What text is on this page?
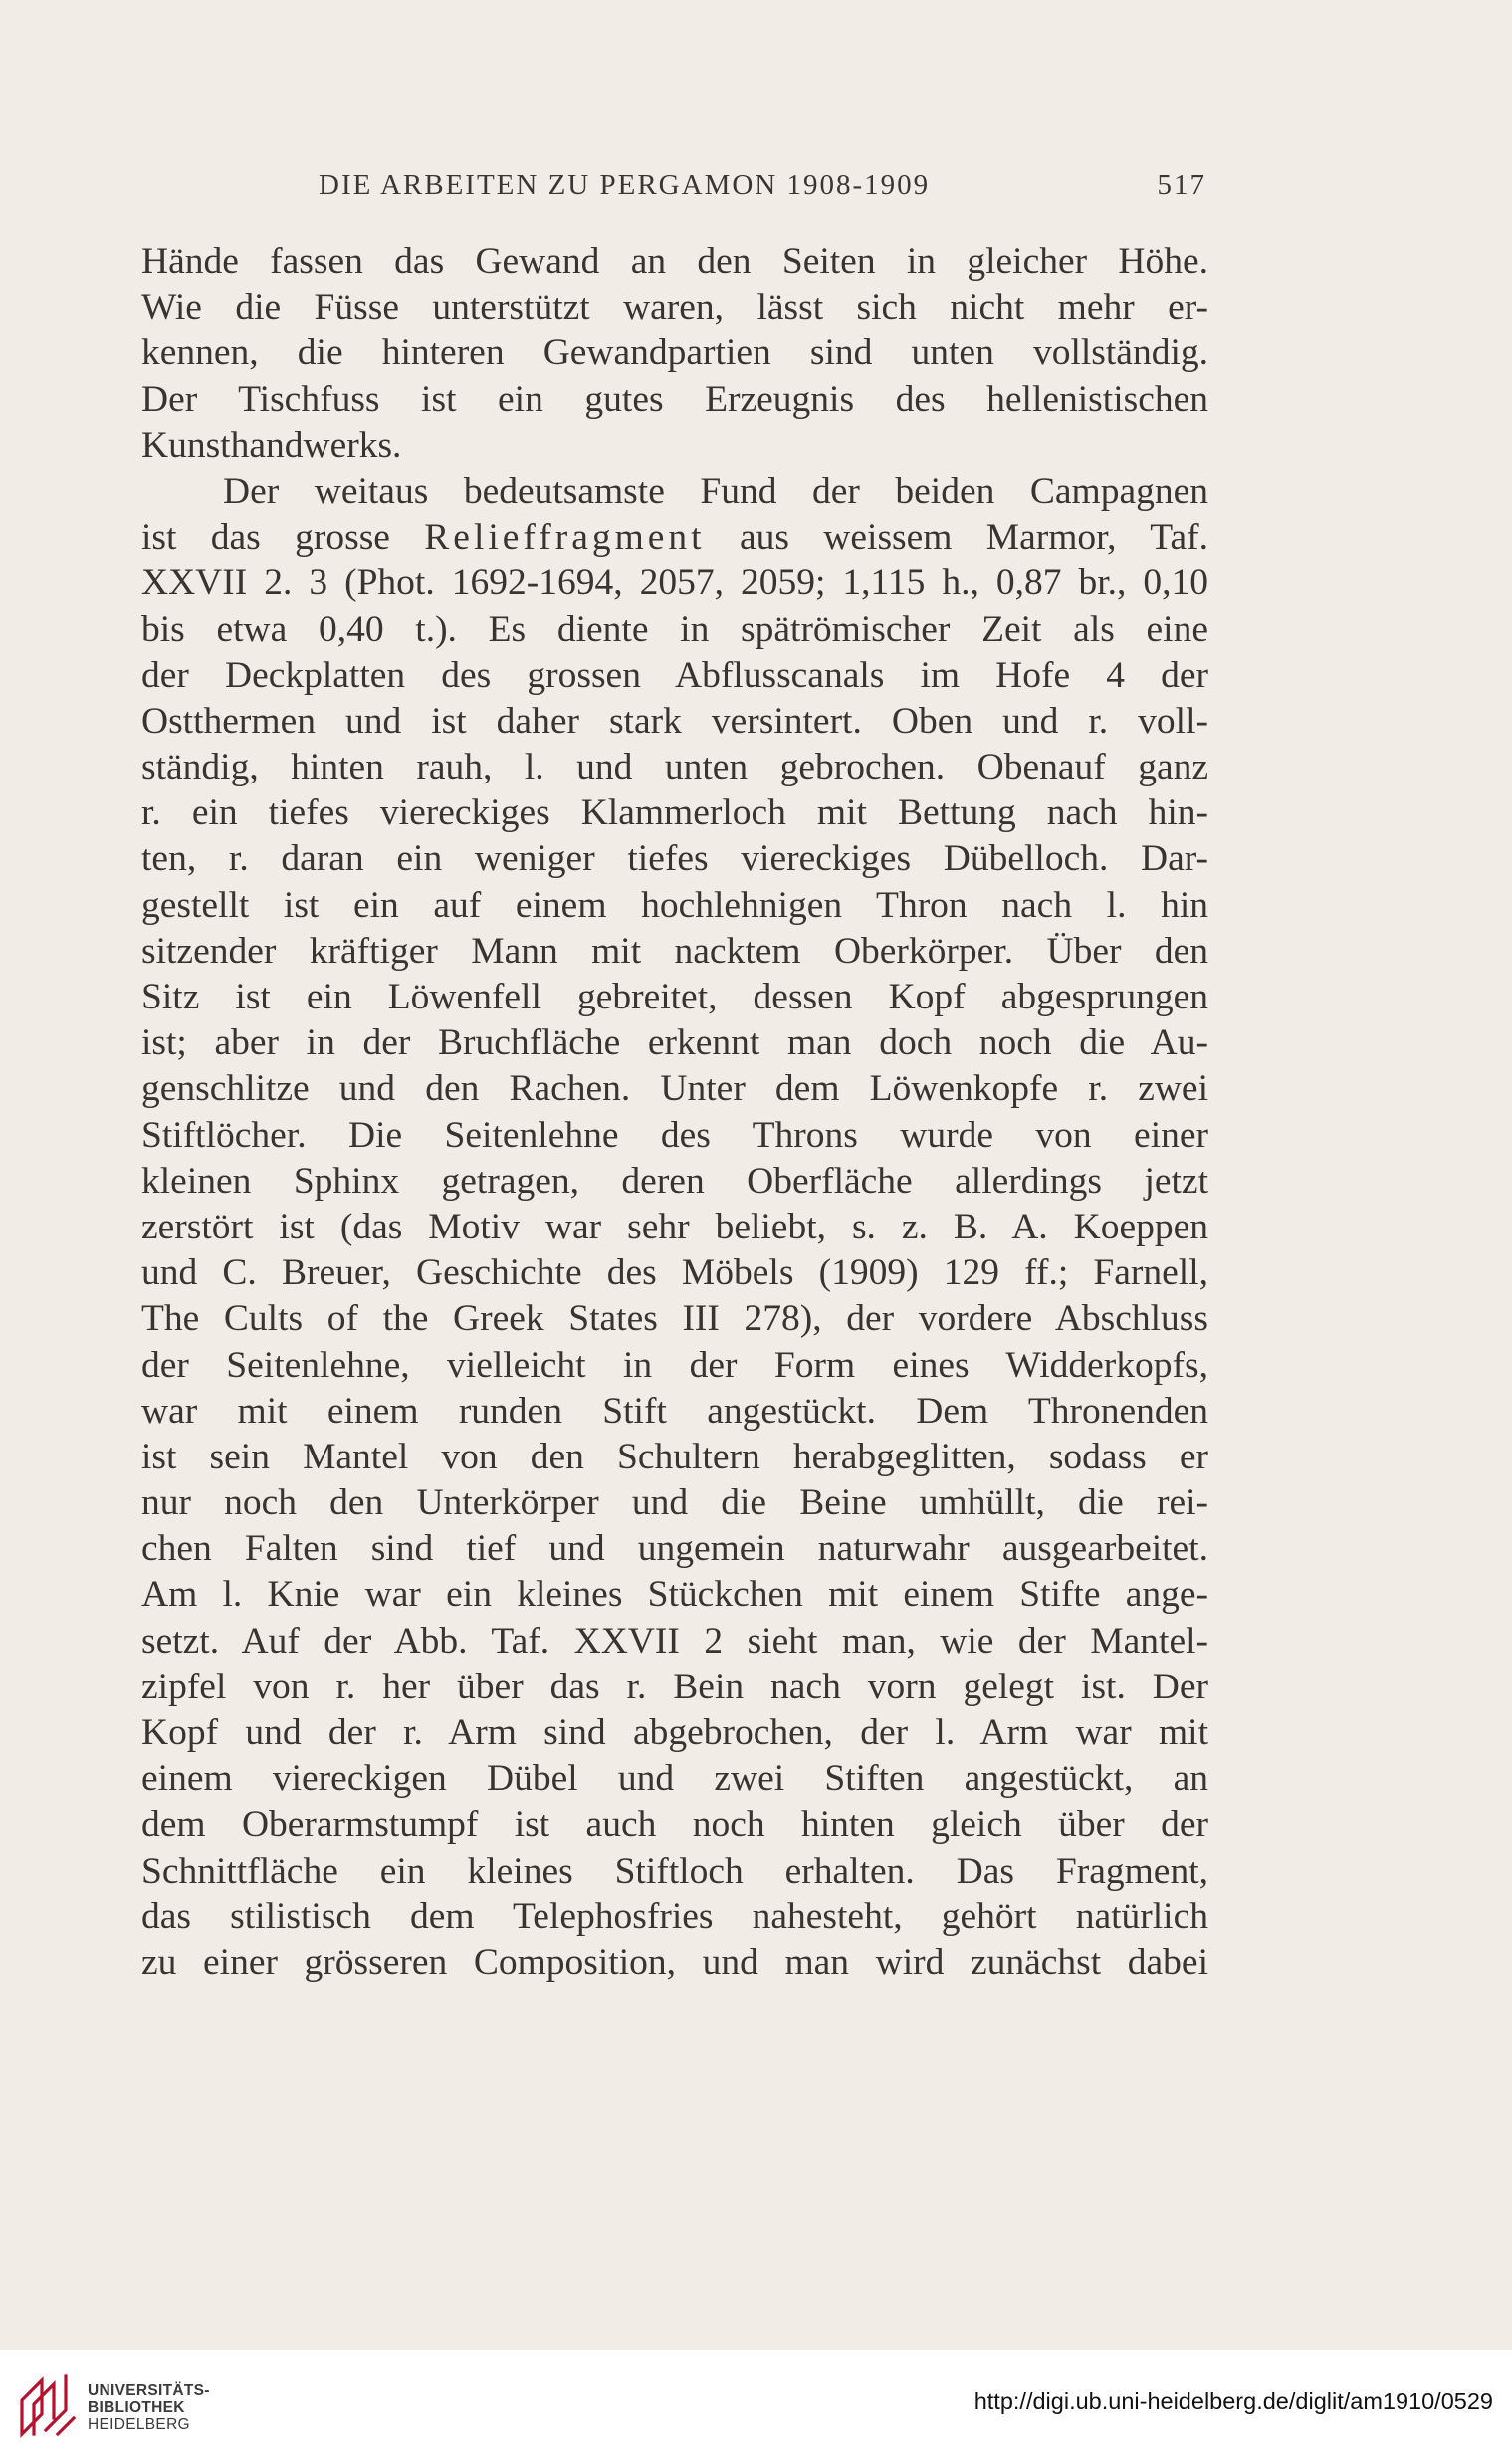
DIE ARBEITEN ZU PERGAMON 1908-1909	517
Hände fassen das Gewand an den Seiten in gleicher Höhe.
Wie die Füsse unterstützt waren, lässt sich nicht mehr er-
kennen, die hinteren Gewandpartien sind unten vollständig.
Der Tischfuss ist ein gutes Erzeugnis des hellenistischen
Kunsthandwerks.
Der weitaus bedeutsamste Fund der beiden Campagnen
ist das grosse Relieffragment aus weissem Marmor, Taf.
XXVII 2. 3 (Phot. 1692-1694, 2057, 2059; 1,115 h., 0,87 br., 0,10
bis etwa 0,40 t.). Es diente in spätrömischer Zeit als eine
der Deckplatten des grossen Abflusscanals im Hofe 4 der
Ostthermen und ist daher stark versintert. Oben und r. voll-
ständig, hinten rauh, l. und unten gebrochen. Obenauf ganz
r. ein tiefes viereckiges Klammerloch mit Bettung nach hin-
ten, r. daran ein weniger tiefes viereckiges Dübelloch. Dar-
gestellt ist ein auf einem hochlehnigen Thron nach l. hin
sitzender kräftiger Mann mit nacktem Oberkörper. Über den
Sitz ist ein Löwenfell gebreitet, dessen Kopf abgesprungen
ist; aber in der Bruchfläche erkennt man doch noch die Au-
genschlitze und den Rachen. Unter dem Löwenkopfe r. zwei
Stiftlöcher. Die Seitenlehne des Throns wurde von einer
kleinen Sphinx getragen, deren Oberfläche allerdings jetzt
zerstört ist (das Motiv war sehr beliebt, s. z. B. A. Koeppen
und C. Breuer, Geschichte des Möbels (1909) 129 ff.; Farnell,
The Cults of the Greek States III 278), der vordere Abschluss
der Seitenlehne, vielleicht in der Form eines Widderkopfs,
war mit einem runden Stift angestückt. Dem Thronenden
ist sein Mantel von den Schultern herabgeglitten, sodass er
nur noch den Unterkörper und die Beine umhüllt, die rei-
chen Falten sind tief und ungemein naturwahr ausgearbeitet.
Am l. Knie war ein kleines Stückchen mit einem Stifte ange-
setzt. Auf der Abb. Taf. XXVII 2 sieht man, wie der Mantel-
zipfel von r. her über das r. Bein nach vorn gelegt ist. Der
Kopf und der r. Arm sind abgebrochen, der l. Arm war mit
einem viereckigen Dübel und zwei Stiften angestückt, an
dem Oberarmstumpf ist auch noch hinten gleich über der
Schnittfläche ein kleines Stiftloch erhalten. Das Fragment,
das stilistisch dem Telephosfries nahesteht, gehört natürlich
zu einer grösseren Composition, und man wird zunächst dabei
UNIVERSITÄTS-
BIBLIOTHEK
HEIDELBERG
http://digi.ub.uni-heidelberg.de/diglit/am1910/0529
